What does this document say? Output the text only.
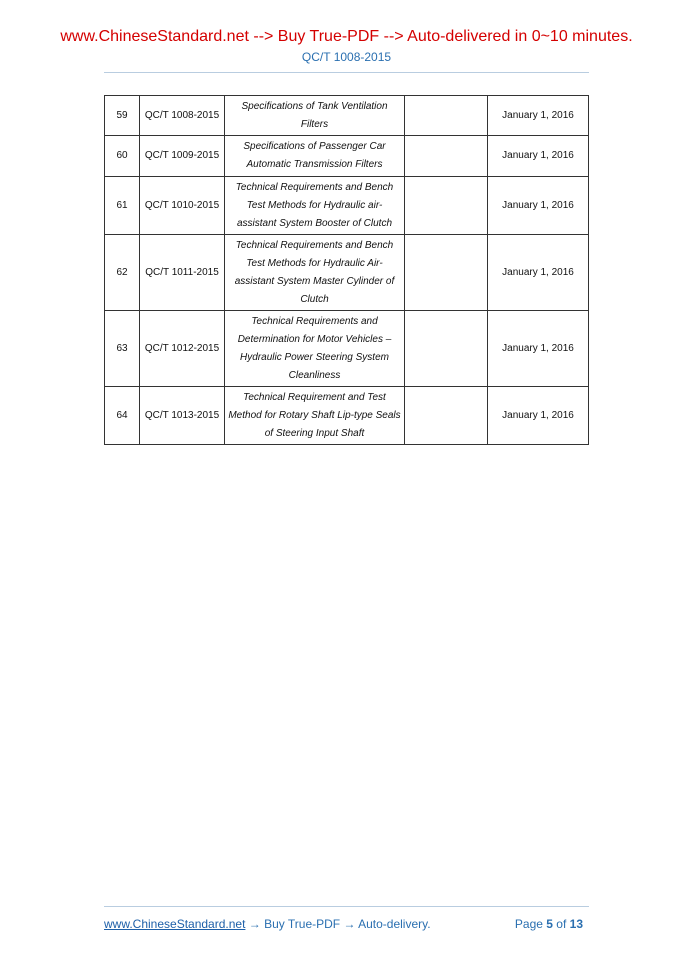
www.ChineseStandard.net --> Buy True-PDF --> Auto-delivered in 0~10 minutes.
QC/T 1008-2015
59	QC/T 1008-2015	Specifications of Tank Ventilation Filters		January 1, 2016
60	QC/T 1009-2015	Specifications of Passenger Car Automatic Transmission Filters		January 1, 2016
61	QC/T 1010-2015	Technical Requirements and Bench Test Methods for Hydraulic air-assistant System Booster of Clutch		January 1, 2016
62	QC/T 1011-2015	Technical Requirements and Bench Test Methods for Hydraulic Air-assistant System Master Cylinder of Clutch		January 1, 2016
63	QC/T 1012-2015	Technical Requirements and Determination for Motor Vehicles – Hydraulic Power Steering System Cleanliness		January 1, 2016
64	QC/T 1013-2015	Technical Requirement and Test Method for Rotary Shaft Lip-type Seals of Steering Input Shaft		January 1, 2016
www.ChineseStandard.net → Buy True-PDF → Auto-delivery.	Page 5 of 13
